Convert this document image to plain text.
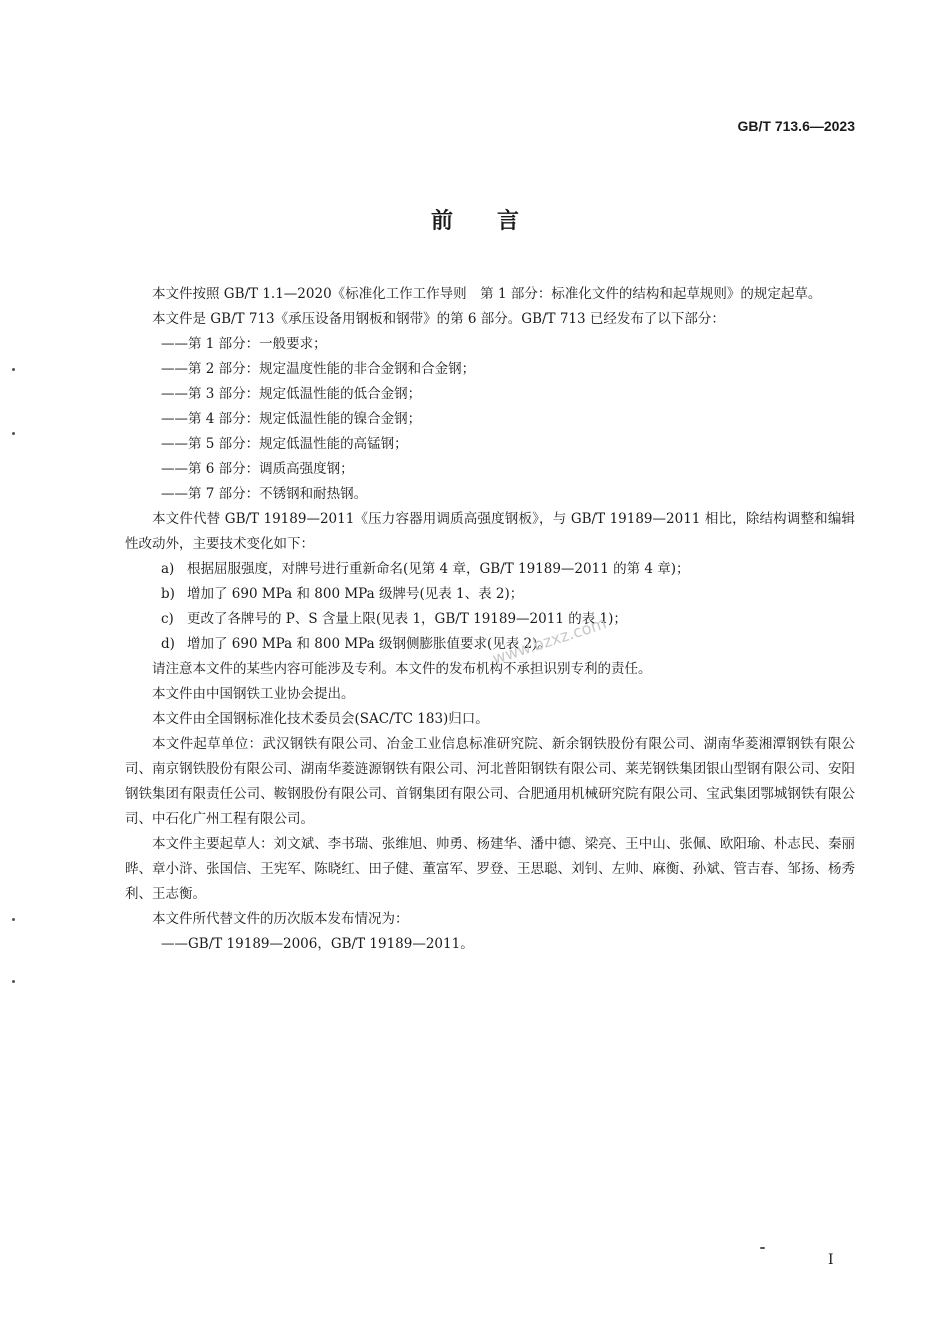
GB/T 713.6—2023
前言

本文件按照 GB/T 1.1—2020《标准化工作工作导则　第 1 部分：标准化文件的结构和起草规则》的规定起草。

本文件是 GB/T 713《承压设备用钢板和钢带》的第 6 部分。GB/T 713 已经发布了以下部分：

—— 第 1 部分：一般要求；

—— 第 2 部分：规定温度性能的非合金钢和合金钢；

—— 第 3 部分：规定低温性能的低合金钢；

—— 第 4 部分：规定低温性能的镍合金钢；

—— 第 5 部分：规定低温性能的高锰钢；

—— 第 6 部分：调质高强度钢；

—— 第 7 部分：不锈钢和耐热钢。

本文件代替 GB/T 19189—2011《压力容器用调质高强度钢板》，与 GB/T 19189—2011 相比，除结构调整和编辑性改动外，主要技术变化如下：

a) 根据屈服强度，对牌号进行重新命名(见第 4 章，GB/T 19189—2011 的第 4 章)；
b) 增加了 690 MPa 和 800 MPa 级牌号(见表 1、表 2)；
c) 更改了各牌号的 P、S 含量上限(见表 1，GB/T 19189—2011 的表 1)；
d) 增加了 690 MPa 和 800 MPa 级钢侧膨胀值要求(见表 2)。

请注意本文件的某些内容可能涉及专利。本文件的发布机构不承担识别专利的责任。

本文件由中国钢铁工业协会提出。

本文件由全国钢标准化技术委员会(SAC/TC 183)归口。

本文件起草单位：武汉钢铁有限公司、冶金工业信息标准研究院、新余钢铁股份有限公司、湖南华菱湘潭钢铁有限公司、南京钢铁股份有限公司、湖南华菱涟源钢铁有限公司、河北普阳钢铁有限公司、莱芜钢铁集团银山型钢有限公司、安阳钢铁集团有限责任公司、鞍钢股份有限公司、首钢集团有限公司、合肥通用机械研究院有限公司、宝武集团鄂城钢铁有限公司、中石化广州工程有限公司。

本文件主要起草人：刘文斌、李书瑞、张维旭、帅勇、杨建华、潘中德、梁亮、王中山、张佩、欧阳瑜、朴志民、秦丽晔、章小浒、张国信、王宪军、陈晓红、田子健、董富军、罗登、王思聪、刘钊、左帅、麻衡、孙斌、管吉春、邹扬、杨秀利、王志衡。

本文件所代替文件的历次版本发布情况为：

—— GB/T 19189—2006，GB/T 19189—2011。

www.bzxz.com
I
